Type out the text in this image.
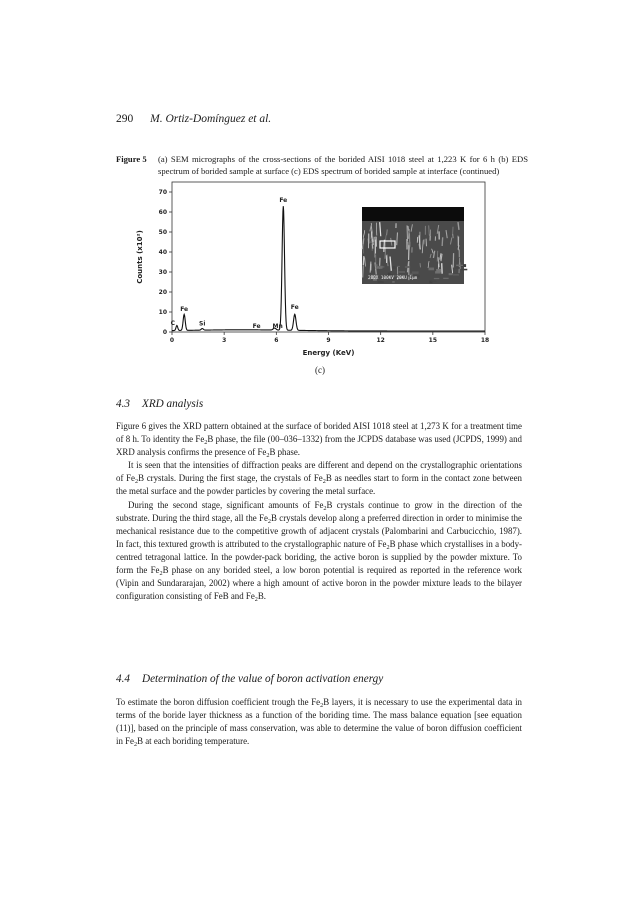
290 M. Ortiz-Domínguez et al.
Figure 5 (a) SEM micrographs of the cross-sections of the borided AISI 1018 steel at 1,223 K for 6 h (b) EDS spectrum of borided sample at surface (c) EDS spectrum of borided sample at interface (continued)
0
10
20
30
40
50
60
70
0	3	6	9	12	15	18
C
Fe
Si	Fe Mn
Fe
Fe
Energy (KeV)
Counts (x10²)	200X 100KV 20KU 1μm
(c)
4.3 XRD analysis

Figure 6 gives the XRD pattern obtained at the surface of borided AISI 1018 steel at 1,273 K for a treatment time of 8 h. To identity the $Fe_2B$ phase, the file (00–036–1332) from the JCPDS database was used (JCPDS, 1999) and XRD analysis confirms the presence of $Fe_2B$ phase.

It is seen that the intensities of diffraction peaks are different and depend on the crystallographic orientations of $Fe_2B$ crystals. During the first stage, the crystals of $Fe_2B$ as needles start to form in the contact zone between the metal surface and the powder particles by covering the metal surface.

During the second stage, significant amounts of $Fe_2B$ crystals continue to grow in the direction of the substrate. During the third stage, all the $Fe_2B$ crystals develop along a preferred direction in order to minimise the mechanical resistance due to the competitive growth of adjacent crystals (Palombarini and Carbucicchio, 1987). In fact, this textured growth is attributed to the crystallographic nature of $Fe_2B$ phase which crystallises in a body-centred tetragonal lattice. In the powder-pack boriding, the active boron is supplied by the powder mixture. To form the $Fe_2B$ phase on any borided steel, a low boron potential is required as reported in the reference work (Vipin and Sundararajan, 2002) where a high amount of active boron in the powder mixture leads to the bilayer configuration consisting of FeB and $Fe_2B$.

4.4 Determination of the value of boron activation energy

To estimate the boron diffusion coefficient trough the $Fe_2B$ layers, it is necessary to use the experimental data in terms of the boride layer thickness as a function of the boriding time. The mass balance equation [see equation (11)], based on the principle of mass conservation, was able to determine the value of boron diffusion coefficient in $Fe_2B$ at each boriding temperature.
